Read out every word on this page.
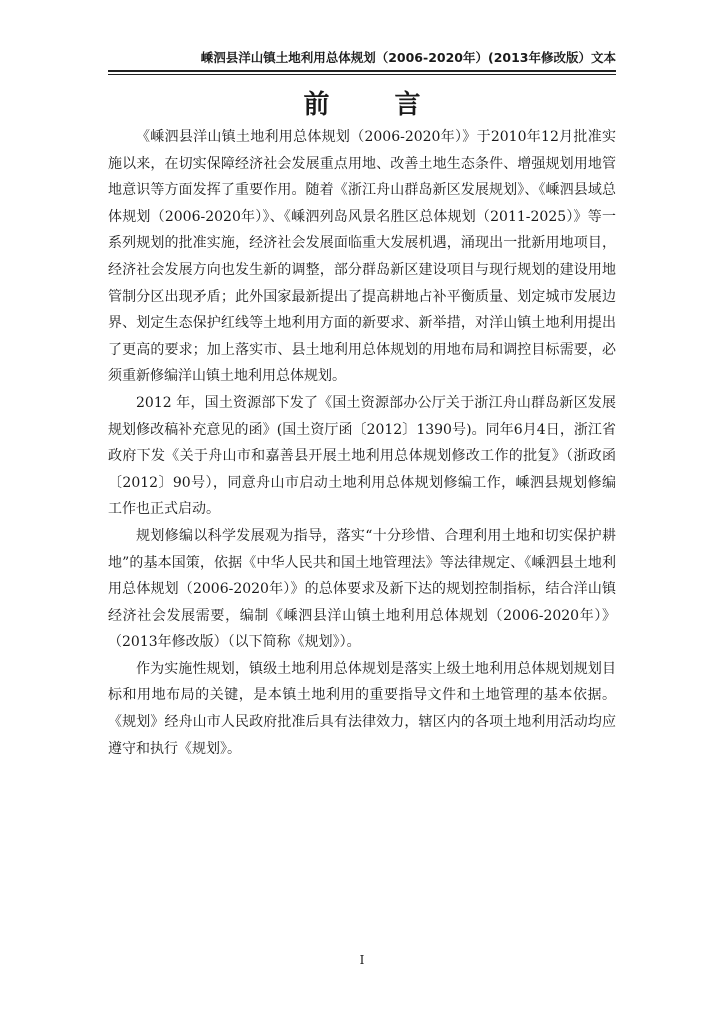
嵊泗县洋山镇土地利用总体规划（2006-2020年）(2013年修改版）文本
前 言

《嵊泗县洋山镇土地利用总体规划（2006-2020年）》于2010年12月批准实施以来，在切实保障经济社会发展重点用地、改善土地生态条件、增强规划用地管地意识等方面发挥了重要作用。随着《浙江舟山群岛新区发展规划》、《嵊泗县域总体规划（2006-2020年）》、《嵊泗列岛风景名胜区总体规划（2011-2025）》等一系列规划的批准实施，经济社会发展面临重大发展机遇，涌现出一批新用地项目，经济社会发展方向也发生新的调整，部分群岛新区建设项目与现行规划的建设用地管制分区出现矛盾；此外国家最新提出了提高耕地占补平衡质量、划定城市发展边界、划定生态保护红线等土地利用方面的新要求、新举措，对洋山镇土地利用提出了更高的要求；加上落实市、县土地利用总体规划的用地布局和调控目标需要，必须重新修编洋山镇土地利用总体规划。

2012 年，国土资源部下发了《国土资源部办公厅关于浙江舟山群岛新区发展规划修改稿补充意见的函》(国土资厅函〔2012〕1390号)。同年6月4日，浙江省政府下发《关于舟山市和嘉善县开展土地利用总体规划修改工作的批复》（浙政函〔2012〕90号），同意舟山市启动土地利用总体规划修编工作，嵊泗县规划修编工作也正式启动。

规划修编以科学发展观为指导，落实“十分珍惜、合理利用土地和切实保护耕地”的基本国策，依据《中华人民共和国土地管理法》等法律规定、《嵊泗县土地利用总体规划（2006-2020年）》的总体要求及新下达的规划控制指标，结合洋山镇经济社会发展需要，编制《嵊泗县洋山镇土地利用总体规划（2006-2020年）》（2013年修改版）（以下简称《规划》）。

作为实施性规划，镇级土地利用总体规划是落实上级土地利用总体规划规划目标和用地布局的关键，是本镇土地利用的重要指导文件和土地管理的基本依据。《规划》经舟山市人民政府批准后具有法律效力，辖区内的各项土地利用活动均应遵守和执行《规划》。

I
